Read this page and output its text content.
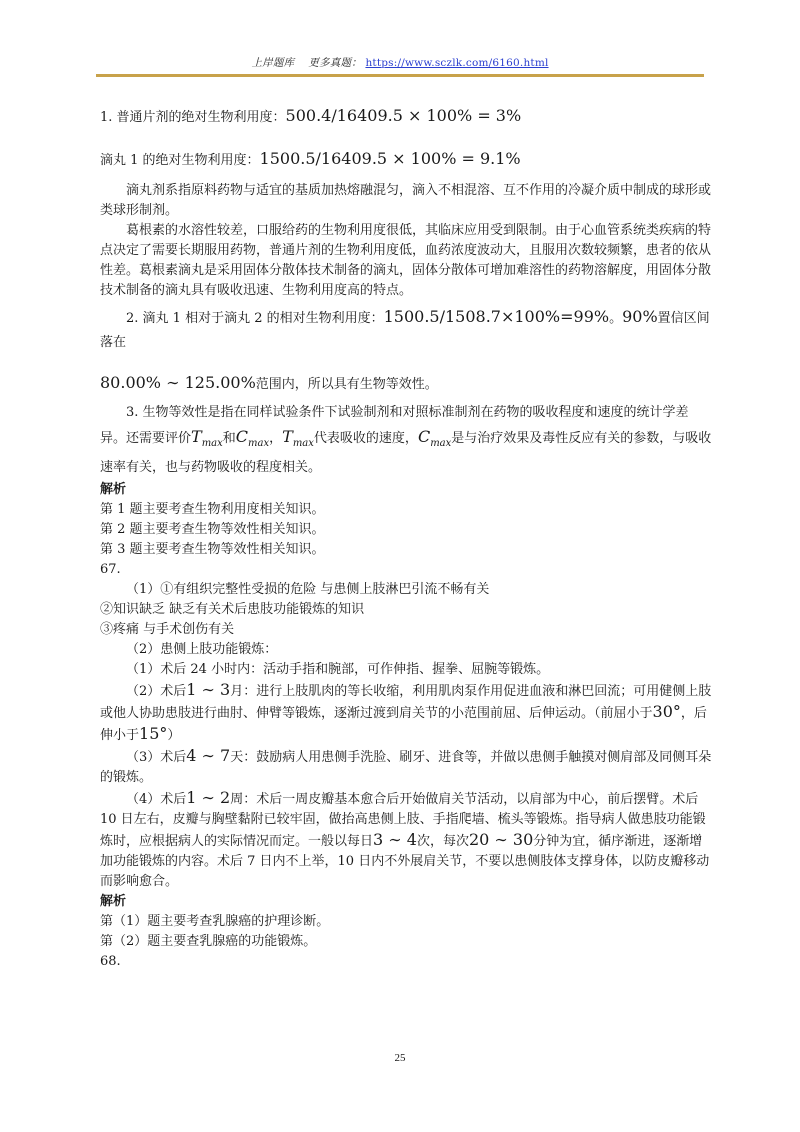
上岸题库 更多真题： https://www.sczlk.com/6160.html

1. 普通片剂的绝对生物利用度：500.4/16409.5 × 100% = 3%

滴丸 1 的绝对生物利用度：1500.5/16409.5 × 100% = 9.1%

滴丸剂系指原料药物与适宜的基质加热熔融混匀，滴入不相混溶、互不作用的冷凝介质中制成的球形或类球形制剂。

葛根素的水溶性较差，口服给药的生物利用度很低，其临床应用受到限制。由于心血管系统类疾病的特点决定了需要长期服用药物，普通片剂的生物利用度低，血药浓度波动大，且服用次数较频繁，患者的依从性差。葛根素滴丸是采用固体分散体技术制备的滴丸，固体分散体可增加难溶性的药物溶解度，用固体分散技术制备的滴丸具有吸收迅速、生物利用度高的特点。

2. 滴丸 1 相对于滴丸 2 的相对生物利用度：1500.5/1508.7×100%=99%。90%置信区间落在

80.00% ∼ 125.00%范围内，所以具有生物等效性。

3. 生物等效性是指在同样试验条件下试验制剂和对照标准制剂在药物的吸收程度和速度的统计学差异。还需要评价$T_{max}$和$C_{max}$，$T_{max}$代表吸收的速度，$C_{max}$是与治疗效果及毒性反应有关的参数，与吸收速率有关，也与药物吸收的程度相关。

解析

第 1 题主要考查生物利用度相关知识。

第 2 题主要考查生物等效性相关知识。

第 3 题主要考查生物等效性相关知识。

67.

（1）①有组织完整性受损的危险 与患侧上肢淋巴引流不畅有关

②知识缺乏 缺乏有关术后患肢功能锻炼的知识

③疼痛 与手术创伤有关

（2）患侧上肢功能锻炼：

（1）术后 24 小时内：活动手指和腕部，可作伸指、握拳、屈腕等锻炼。

（2）术后1 ∼ 3月：进行上肢肌肉的等长收缩，利用肌肉泵作用促进血液和淋巴回流；可用健侧上肢或他人协助患肢进行曲肘、伸臂等锻炼，逐渐过渡到肩关节的小范围前屈、后伸运动。（前屈小于30°，后伸小于15°）

（3）术后4 ∼ 7天：鼓励病人用患侧手洗脸、刷牙、进食等，并做以患侧手触摸对侧肩部及同侧耳朵的锻炼。

（4）术后1 ∼ 2周：术后一周皮瓣基本愈合后开始做肩关节活动，以肩部为中心，前后摆臂。术后 10 日左右，皮瓣与胸壁黏附已较牢固，做抬高患侧上肢、手指爬墙、梳头等锻炼。指导病人做患肢功能锻炼时，应根据病人的实际情况而定。一般以每日3 ∼ 4次，每次20 ∼ 30分钟为宜，循序渐进，逐渐增加功能锻炼的内容。术后 7 日内不上举，10 日内不外展肩关节，不要以患侧肢体支撑身体，以防皮瓣移动而影响愈合。

解析

第（1）题主要考查乳腺癌的护理诊断。

第（2）题主要查乳腺癌的功能锻炼。

68.

25
